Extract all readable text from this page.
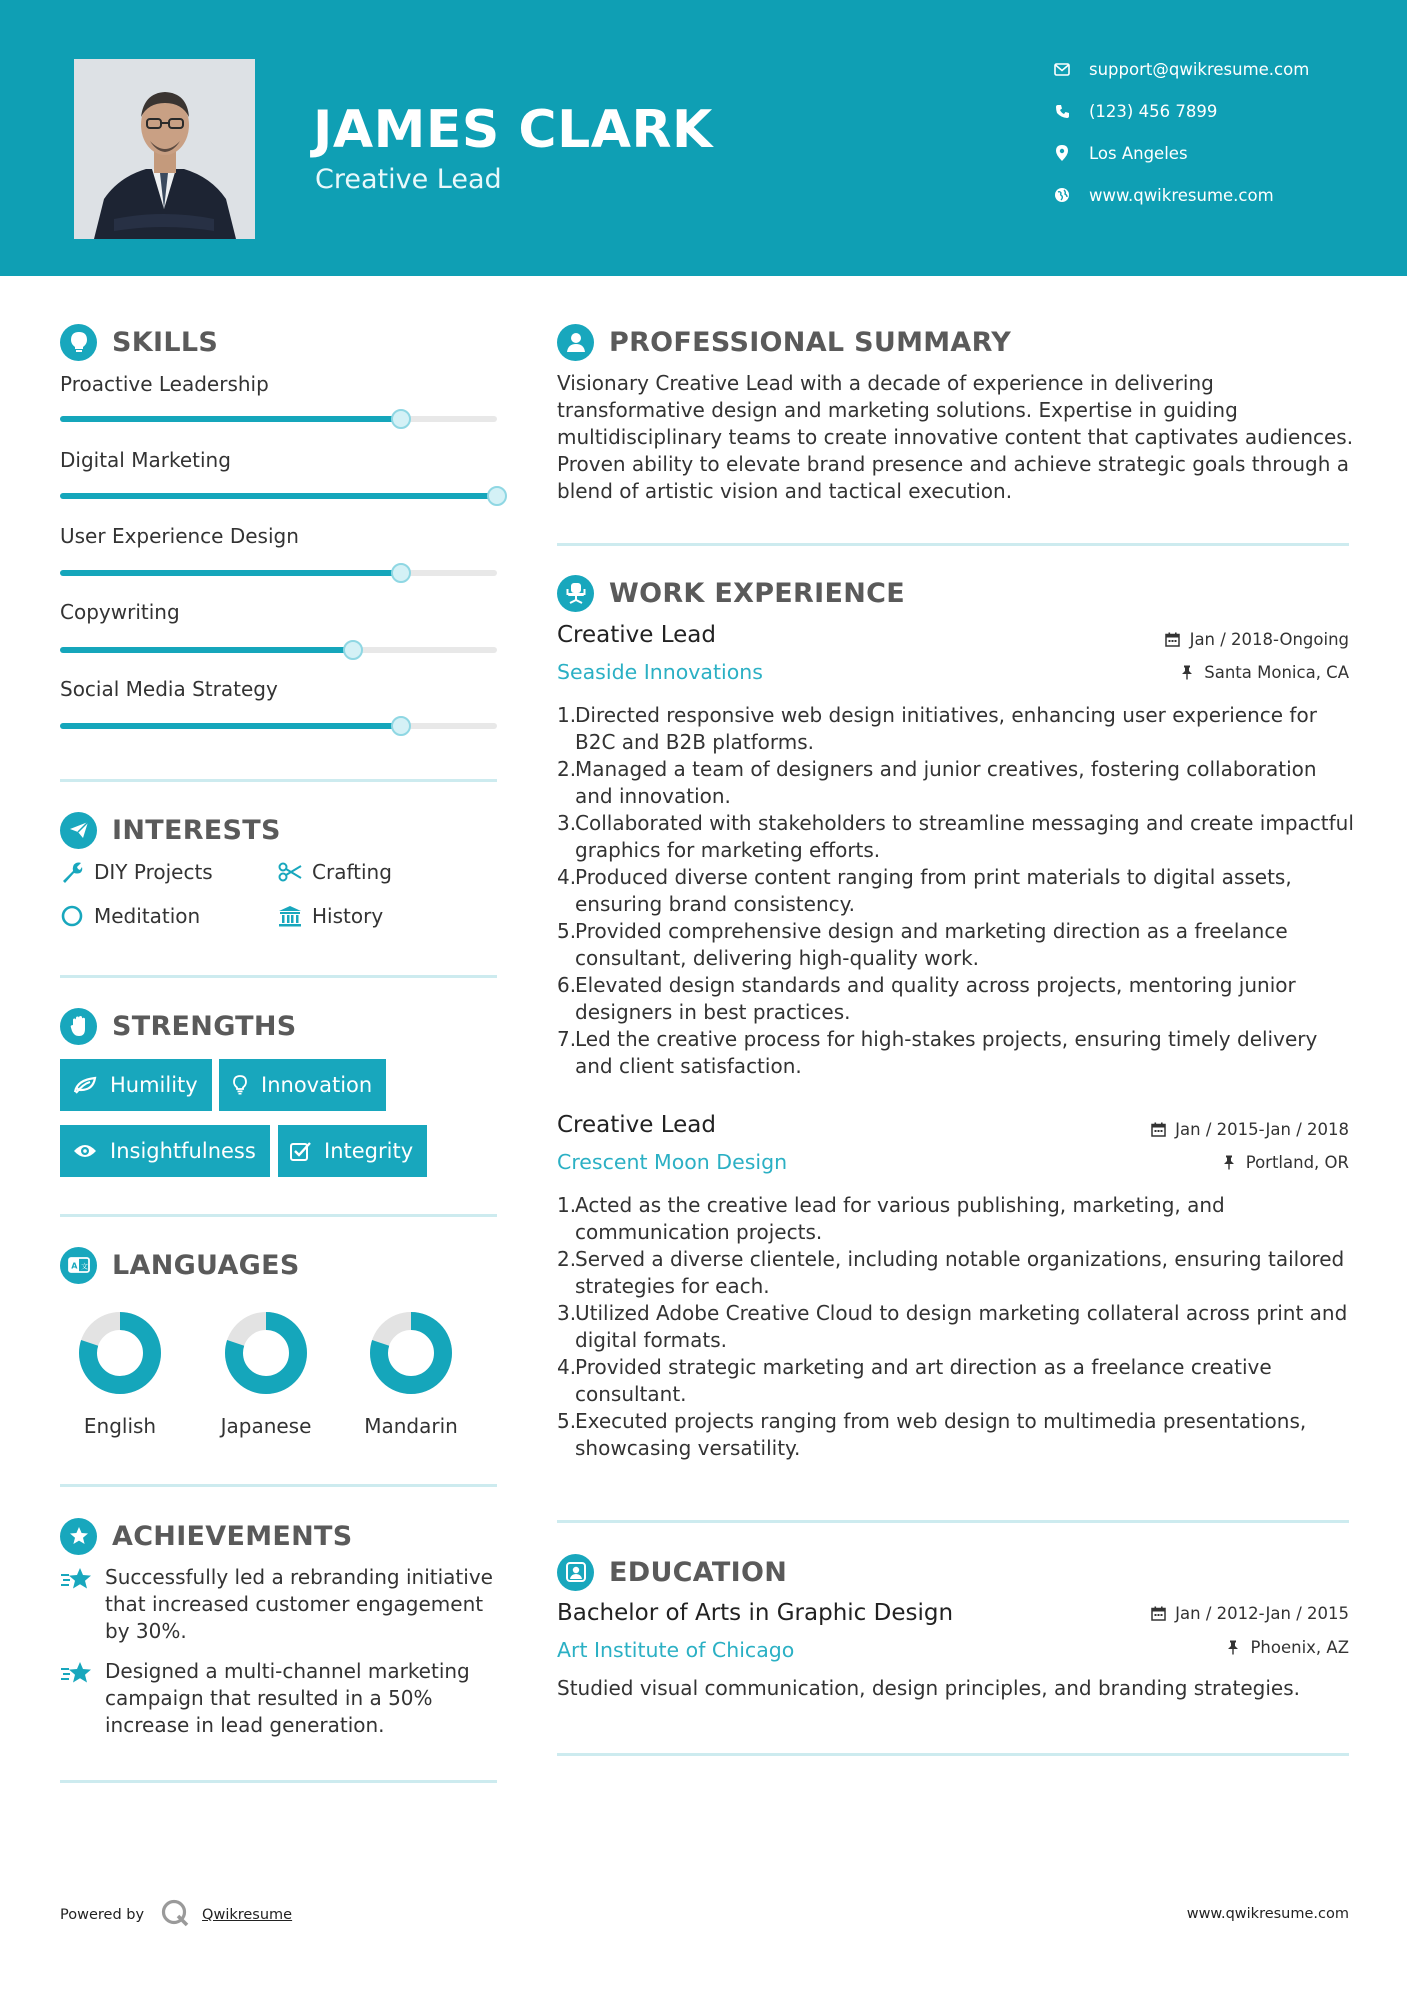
JAMES CLARK
Creative Lead
support@qwikresume.com
(123) 456 7899
Los Angeles
www.qwikresume.com
SKILLS
Proactive Leadership
Digital Marketing
User Experience Design
Copywriting
Social Media Strategy
INTERESTS
DIY Projects	Crafting
Meditation	History
STRENGTHS
Humility	Innovation
Insightfulness	Integrity
A 文 LANGUAGES
English	Japanese	Mandarin
ACHIEVEMENTS
Successfully led a rebranding initiative that increased customer engagement by 30%.
Designed a multi-channel marketing campaign that resulted in a 50% increase in lead generation.
PROFESSIONAL SUMMARY
Visionary Creative Lead with a decade of experience in delivering transformative design and marketing solutions. Expertise in guiding multidisciplinary teams to create innovative content that captivates audiences. Proven ability to elevate brand presence and achieve strategic goals through a blend of artistic vision and tactical execution.
WORK EXPERIENCE
Creative Lead	Jan / 2018-Ongoing
Seaside Innovations	Santa Monica, CA
1.
Directed responsive web design initiatives, enhancing user experience for B2C and B2B platforms.
2.
Managed a team of designers and junior creatives, fostering collaboration and innovation.
3.
Collaborated with stakeholders to streamline messaging and create impactful graphics for marketing efforts.
4.
Produced diverse content ranging from print materials to digital assets, ensuring brand consistency.
5.
Provided comprehensive design and marketing direction as a freelance consultant, delivering high-quality work.
6.
Elevated design standards and quality across projects, mentoring junior designers in best practices.
7.
Led the creative process for high-stakes projects, ensuring timely delivery and client satisfaction.
Creative Lead	Jan / 2015-Jan / 2018
Crescent Moon Design	Portland, OR
1.
Acted as the creative lead for various publishing, marketing, and communication projects.
2.
Served a diverse clientele, including notable organizations, ensuring tailored strategies for each.
3.
Utilized Adobe Creative Cloud to design marketing collateral across print and digital formats.
4.
Provided strategic marketing and art direction as a freelance creative consultant.
5.
Executed projects ranging from web design to multimedia presentations, showcasing versatility.
EDUCATION
Bachelor of Arts in Graphic Design	Jan / 2012-Jan / 2015
Art Institute of Chicago	Phoenix, AZ
Studied visual communication, design principles, and branding strategies.
Powered by	Qwikresume	www.qwikresume.com
